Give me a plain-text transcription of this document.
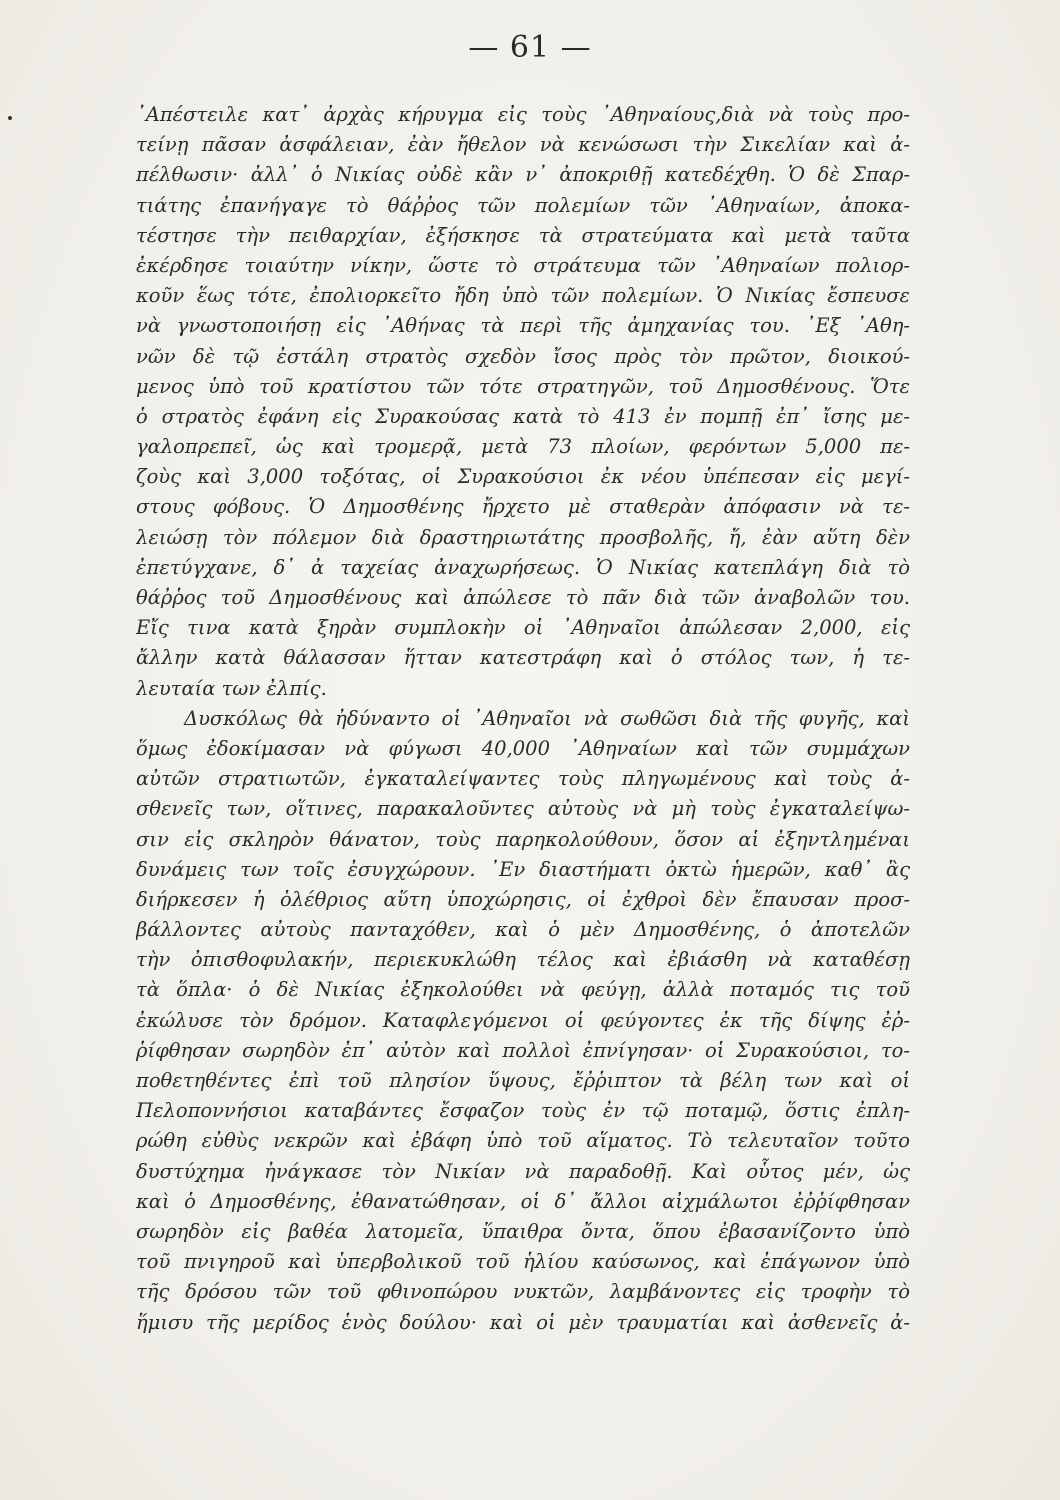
— 61 —
᾿Απέστειλε κατ᾿ ἀρχὰς κήρυγμα εἰς τοὺς ᾿Αθηναίους,διὰ νὰ τοὺς προ-
τείνῃ πᾶσαν ἀσφάλειαν, ἐὰν ἤθελον νὰ κενώσωσι τὴν Σικελίαν καὶ ἀ-
πέλθωσιν· ἀλλ᾿ ὁ Νικίας οὐδὲ κἂν ν᾿ ἀποκριθῇ κατεδέχθη. Ὁ δὲ Σπαρ-
τιάτης ἐπανήγαγε τὸ θάῤῥος τῶν πολεμίων τῶν ᾿Αθηναίων, ἀποκα-
τέστησε τὴν πειθαρχίαν, ἐξήσκησε τὰ στρατεύματα καὶ μετὰ ταῦτα
ἐκέρδησε τοιαύτην νίκην, ὥστε τὸ στράτευμα τῶν ᾿Αθηναίων πολιορ-
κοῦν ἕως τότε, ἐπολιορκεῖτο ἤδη ὑπὸ τῶν πολεμίων. Ὁ Νικίας ἔσπευσε
νὰ γνωστοποιήσῃ εἰς ᾿Αθήνας τὰ περὶ τῆς ἀμηχανίας του. ᾿Εξ ᾿Αθη-
νῶν δὲ τῷ ἐστάλη στρατὸς σχεδὸν ἴσος πρὸς τὸν πρῶτον, διοικού-
μενος ὑπὸ τοῦ κρατίστου τῶν τότε στρατηγῶν, τοῦ Δημοσθένους. Ὅτε
ὁ στρατὸς ἐφάνη εἰς Συρακούσας κατὰ τὸ 413 ἐν πομπῇ ἐπ᾿ ἴσης με-
γαλοπρεπεῖ, ὡς καὶ τρομερᾷ, μετὰ 73 πλοίων, φερόντων 5,000 πε-
ζοὺς καὶ 3,000 τοξότας, οἱ Συρακούσιοι ἐκ νέου ὑπέπεσαν εἰς μεγί-
στους φόβους. Ὁ Δημοσθένης ἤρχετο μὲ σταθερὰν ἀπόφασιν νὰ τε-
λειώσῃ τὸν πόλεμον διὰ δραστηριωτάτης προσβολῆς, ἤ, ἐὰν αὕτη δὲν
ἐπετύγχανε, δ᾿ ἀ ταχείας ἀναχωρήσεως. Ὁ Νικίας κατεπλάγη διὰ τὸ
θάῤῥος τοῦ Δημοσθένους καὶ ἀπώλεσε τὸ πᾶν διὰ τῶν ἀναβολῶν του.
Εἴς τινα κατὰ ξηρὰν συμπλοκὴν οἱ ᾿Αθηναῖοι ἀπώλεσαν 2,000, εἰς
ἄλλην κατὰ θάλασσαν ἥτταν κατεστράφη καὶ ὁ στόλος των, ἡ τε-
λευταία των ἐλπίς.
Δυσκόλως θὰ ἠδύναντο οἱ ᾿Αθηναῖοι νὰ σωθῶσι διὰ τῆς φυγῆς, καὶ
ὅμως ἐδοκίμασαν νὰ φύγωσι 40,000 ᾿Αθηναίων καὶ τῶν συμμάχων
αὐτῶν στρατιωτῶν, ἐγκαταλείψαντες τοὺς πληγωμένους καὶ τοὺς ἀ-
σθενεῖς των, οἵτινες, παρακαλοῦντες αὐτοὺς νὰ μὴ τοὺς ἐγκαταλείψω-
σιν εἰς σκληρὸν θάνατον, τοὺς παρηκολούθουν, ὅσον αἱ ἐξηντλημέναι
δυνάμεις των τοῖς ἐσυγχώρουν. ᾿Εν διαστήματι ὀκτὼ ἡμερῶν, καθ᾿ ἃς
διήρκεσεν ἡ ὀλέθριος αὕτη ὑποχώρησις, οἱ ἐχθροὶ δὲν ἔπαυσαν προσ-
βάλλοντες αὐτοὺς πανταχόθεν, καὶ ὁ μὲν Δημοσθένης, ὁ ἀποτελῶν
τὴν ὀπισθοφυλακήν, περιεκυκλώθη τέλος καὶ ἐβιάσθη νὰ καταθέσῃ
τὰ ὅπλα· ὁ δὲ Νικίας ἐξηκολούθει νὰ φεύγῃ, ἀλλὰ ποταμός τις τοῦ
ἐκώλυσε τὸν δρόμον. Καταφλεγόμενοι οἱ φεύγοντες ἐκ τῆς δίψης ἐῤ-
ῥίφθησαν σωρηδὸν ἐπ᾿ αὐτὸν καὶ πολλοὶ ἐπνίγησαν· οἱ Συρακούσιοι, το-
ποθετηθέντες ἐπὶ τοῦ πλησίον ὕψους, ἔῤῥιπτον τὰ βέλη των καὶ οἱ
Πελοποννήσιοι καταβάντες ἔσφαζον τοὺς ἐν τῷ ποταμῷ, ὅστις ἐπλη-
ρώθη εὐθὺς νεκρῶν καὶ ἐβάφη ὑπὸ τοῦ αἵματος. Τὸ τελευταῖον τοῦτο
δυστύχημα ἠνάγκασε τὸν Νικίαν νὰ παραδοθῇ. Καὶ οὗτος μέν, ὡς
καὶ ὁ Δημοσθένης, ἐθανατώθησαν, οἱ δ᾿ ἄλλοι αἰχμάλωτοι ἐῤῥίφθησαν
σωρηδὸν εἰς βαθέα λατομεῖα, ὕπαιθρα ὄντα, ὅπου ἐβασανίζοντο ὑπὸ
τοῦ πνιγηροῦ καὶ ὑπερβολικοῦ τοῦ ἡλίου καύσωνος, καὶ ἐπάγωνον ὑπὸ
τῆς δρόσου τῶν τοῦ φθινοπώρου νυκτῶν, λαμβάνοντες εἰς τροφὴν τὸ
ἥμισυ τῆς μερίδος ἑνὸς δούλου· καὶ οἱ μὲν τραυματίαι καὶ ἀσθενεῖς ἀ-
